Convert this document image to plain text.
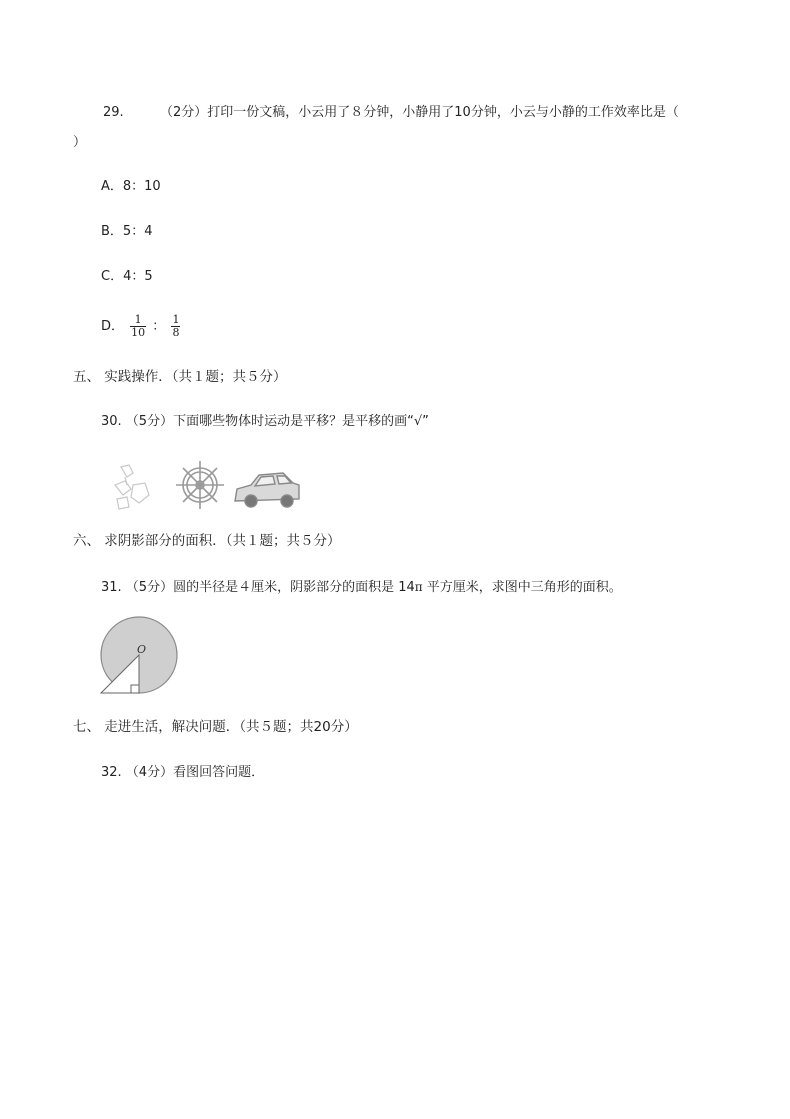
29.	（2分）打印一份文稿，小云用了８分钟，小静用了10分钟，小云与小静的工作效率比是（
）
A．8：10
B．5：4
C．4：5
D． $\frac{1}{10}$ ： $\frac{1}{8}$
五、 实践操作．（共１题；共５分）
30. （5分）下面哪些物体时运动是平移？是平移的画“√”
六、 求阴影部分的面积．（共１题；共５分）
31. （5分）圆的半径是４厘米，阴影部分的面积是 14π 平方厘米，求图中三角形的面积。
O
七、 走进生活，解决问题．（共５题；共20分）
32. （4分）看图回答问题．
